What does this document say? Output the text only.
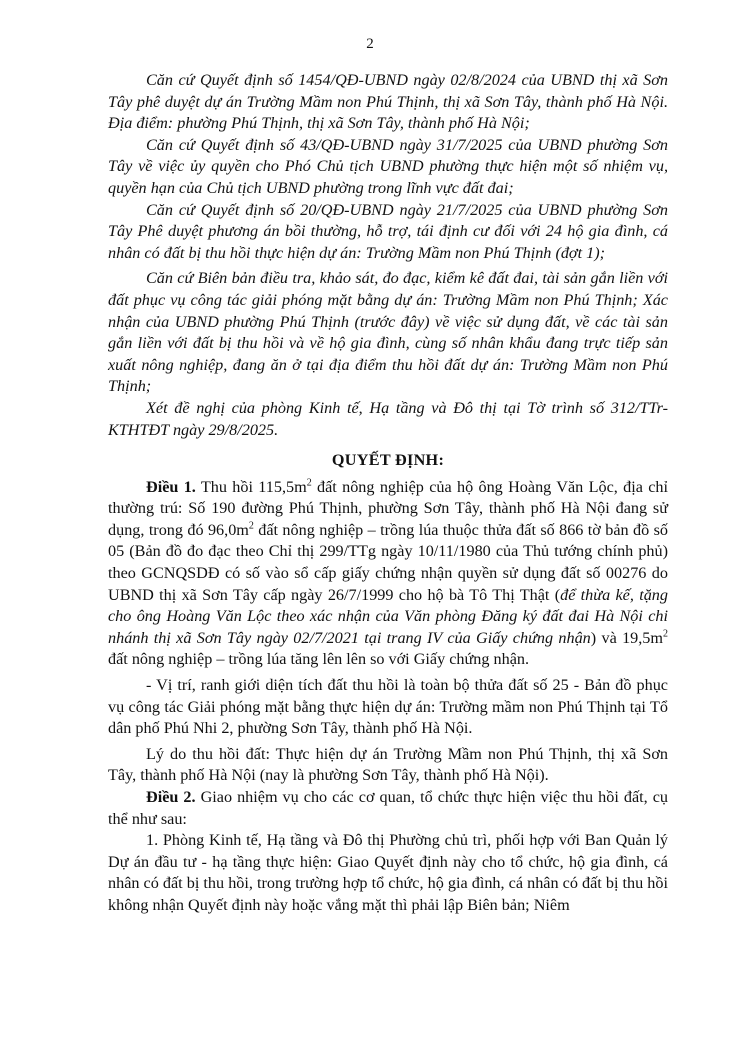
2

Căn cứ Quyết định số 1454/QĐ-UBND ngày 02/8/2024 của UBND thị xã Sơn Tây phê duyệt dự án Trường Mầm non Phú Thịnh, thị xã Sơn Tây, thành phố Hà Nội. Địa điểm: phường Phú Thịnh, thị xã Sơn Tây, thành phố Hà Nội;

Căn cứ Quyết định số 43/QĐ-UBND ngày 31/7/2025 của UBND phường Sơn Tây về việc ủy quyền cho Phó Chủ tịch UBND phường thực hiện một số nhiệm vụ, quyền hạn của Chủ tịch UBND phường trong lĩnh vực đất đai;

Căn cứ Quyết định số 20/QĐ-UBND ngày 21/7/2025 của UBND phường Sơn Tây Phê duyệt phương án bồi thường, hỗ trợ, tái định cư đối với 24 hộ gia đình, cá nhân có đất bị thu hồi thực hiện dự án: Trường Mầm non Phú Thịnh (đợt 1);

Căn cứ Biên bản điều tra, khảo sát, đo đạc, kiểm kê đất đai, tài sản gắn liền với đất phục vụ công tác giải phóng mặt bằng dự án: Trường Mầm non Phú Thịnh; Xác nhận của UBND phường Phú Thịnh (trước đây) về việc sử dụng đất, về các tài sản gắn liền với đất bị thu hồi và về hộ gia đình, cùng số nhân khẩu đang trực tiếp sản xuất nông nghiệp, đang ăn ở tại địa điểm thu hồi đất dự án: Trường Mầm non Phú Thịnh;

Xét đề nghị của phòng Kinh tế, Hạ tầng và Đô thị tại Tờ trình số 312/TTr-KTHTĐT ngày 29/8/2025.

QUYẾT ĐỊNH:

Điều 1. Thu hồi $115,5m^2$ đất nông nghiệp của hộ ông Hoàng Văn Lộc, địa chỉ thường trú: Số 190 đường Phú Thịnh, phường Sơn Tây, thành phố Hà Nội đang sử dụng, trong đó $96,0m^2$ đất nông nghiệp – trồng lúa thuộc thửa đất số 866 tờ bản đồ số 05 (Bản đồ đo đạc theo Chỉ thị 299/TTg ngày 10/11/1980 của Thủ tướng chính phủ) theo GCNQSDĐ có số vào sổ cấp giấy chứng nhận quyền sử dụng đất số 00276 do UBND thị xã Sơn Tây cấp ngày 26/7/1999 cho hộ bà Tô Thị Thật (để thừa kế, tặng cho ông Hoàng Văn Lộc theo xác nhận của Văn phòng Đăng ký đất đai Hà Nội chi nhánh thị xã Sơn Tây ngày 02/7/2021 tại trang IV của Giấy chứng nhận) và $19,5m^2$ đất nông nghiệp – trồng lúa tăng lên lên so với Giấy chứng nhận.

- Vị trí, ranh giới diện tích đất thu hồi là toàn bộ thửa đất số 25 - Bản đồ phục vụ công tác Giải phóng mặt bằng thực hiện dự án: Trường mầm non Phú Thịnh tại Tổ dân phố Phú Nhi 2, phường Sơn Tây, thành phố Hà Nội.

Lý do thu hồi đất: Thực hiện dự án Trường Mầm non Phú Thịnh, thị xã Sơn Tây, thành phố Hà Nội (nay là phường Sơn Tây, thành phố Hà Nội).

Điều 2. Giao nhiệm vụ cho các cơ quan, tổ chức thực hiện việc thu hồi đất, cụ thể như sau:

1. Phòng Kinh tế, Hạ tầng và Đô thị Phường chủ trì, phối hợp với Ban Quản lý Dự án đầu tư - hạ tầng thực hiện: Giao Quyết định này cho tổ chức, hộ gia đình, cá nhân có đất bị thu hồi, trong trường hợp tổ chức, hộ gia đình, cá nhân có đất bị thu hồi không nhận Quyết định này hoặc vắng mặt thì phải lập Biên bản; Niêm
